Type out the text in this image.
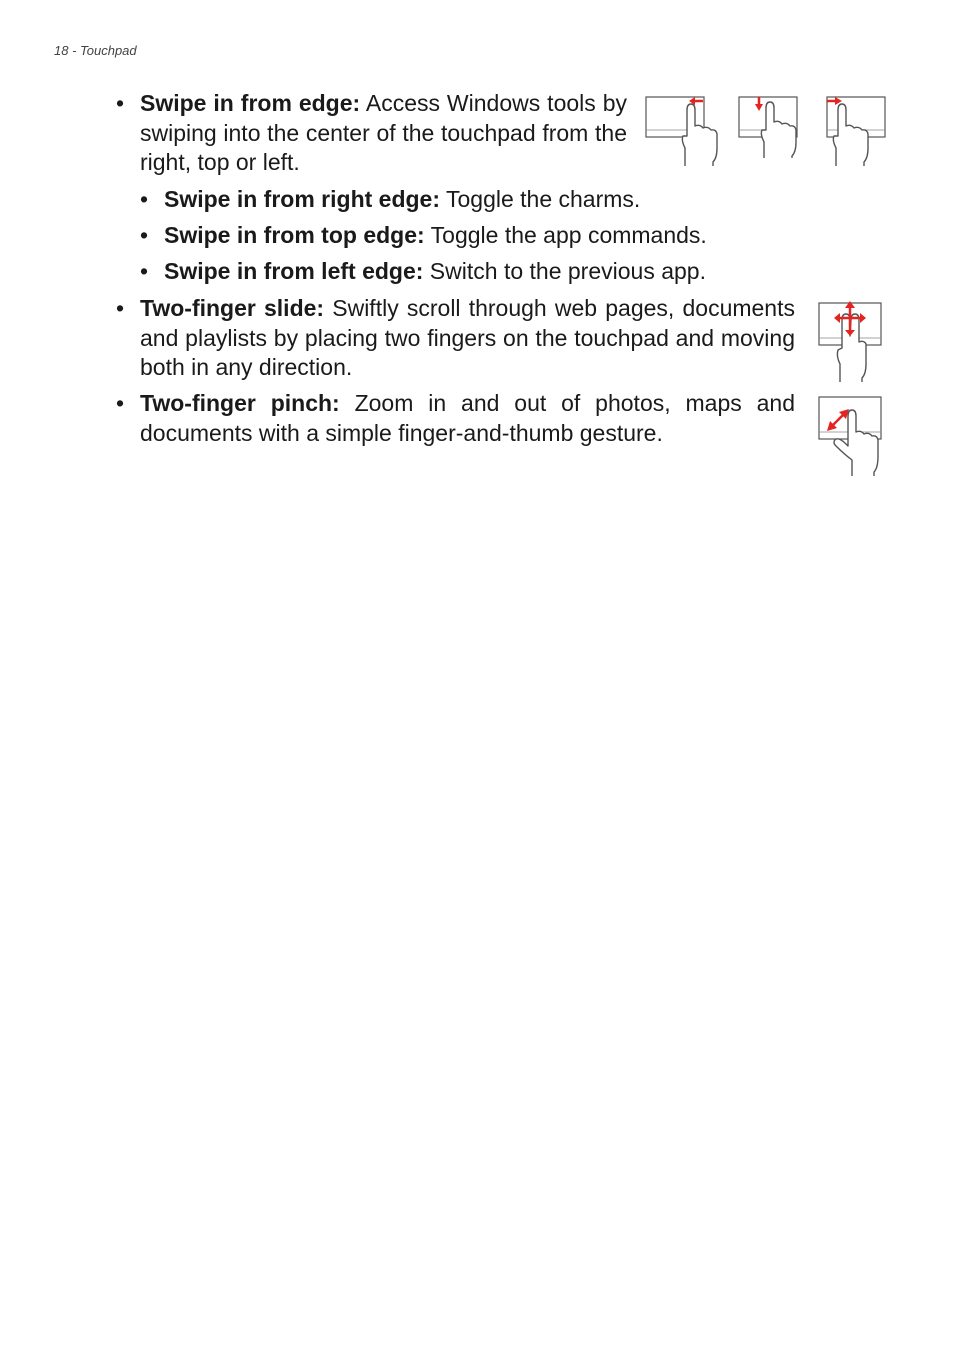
18 - Touchpad
• Swipe in from edge: Access Windows tools by swiping into the center of the touchpad from the right, top or left.

• Swipe in from right edge: Toggle the charms.
• Swipe in from top edge: Toggle the app commands.
• Swipe in from left edge: Switch to the previous app.
• Two-finger slide: Swiftly scroll through web pages, documents and playlists by placing two fingers on the touchpad and moving both in any direction.

• Two-finger pinch: Zoom in and out of photos, maps and documents with a simple finger-and-thumb gesture.
